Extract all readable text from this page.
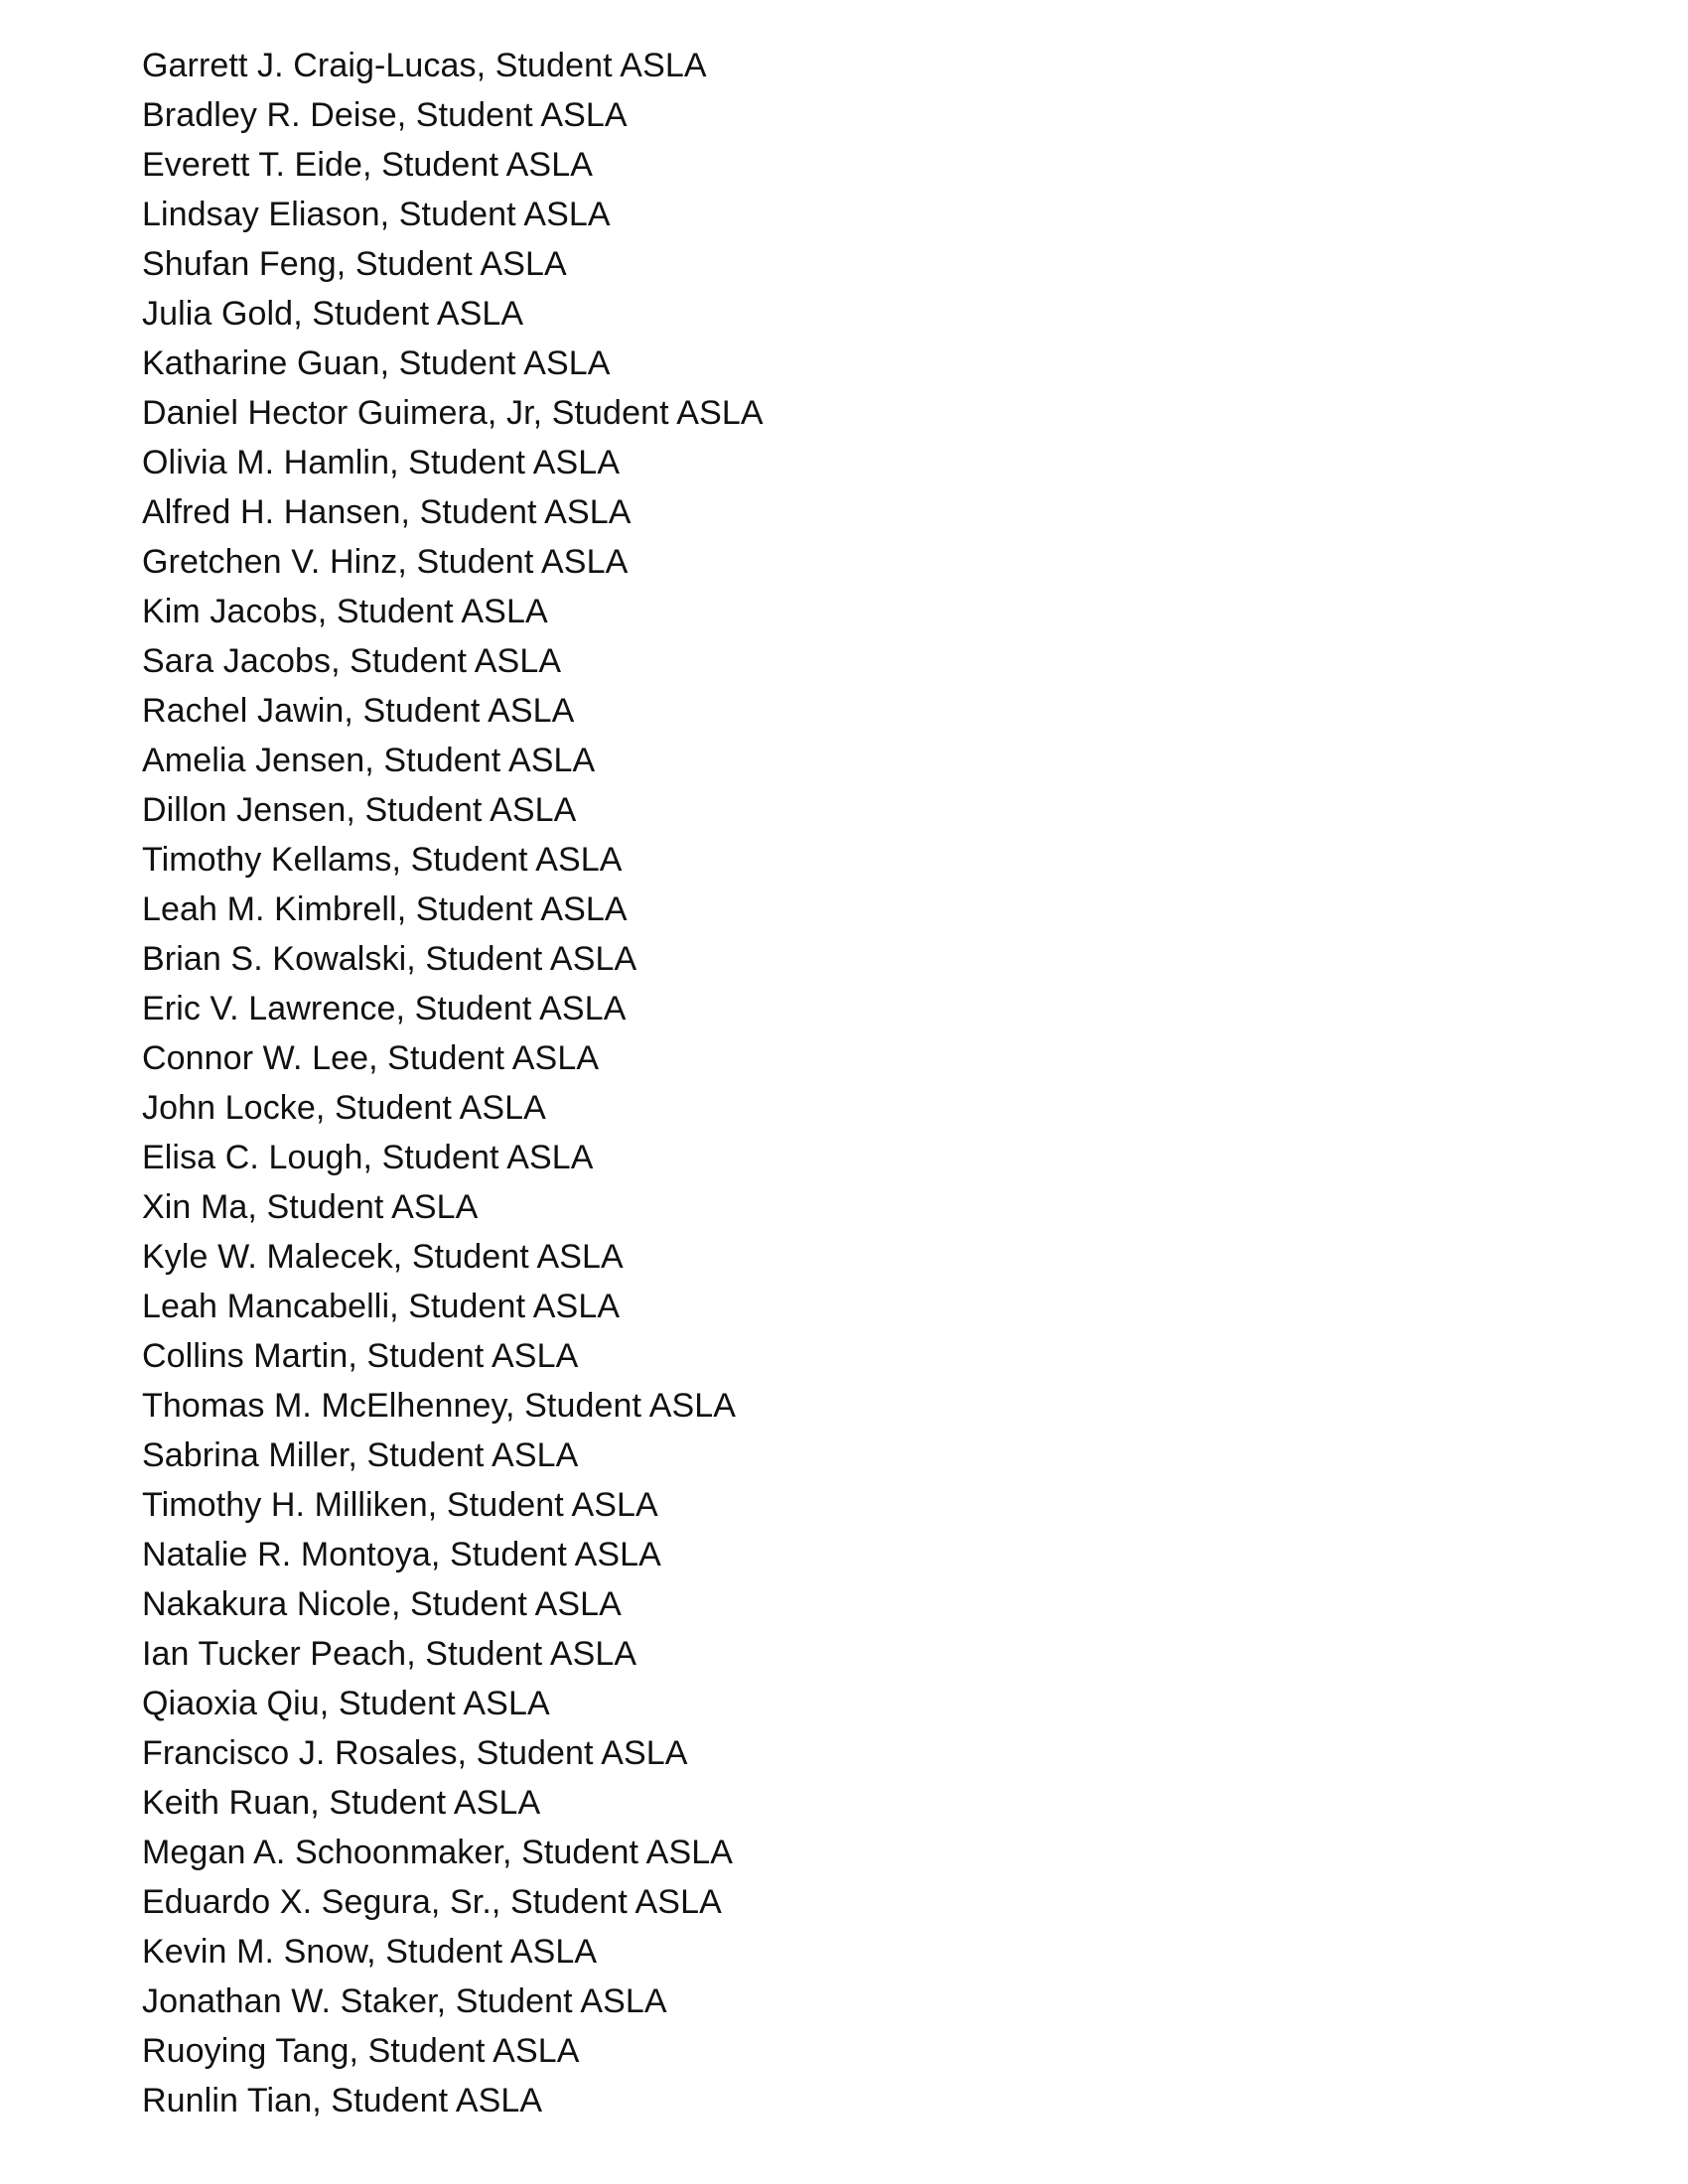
Garrett J. Craig-Lucas, Student ASLA
Bradley R. Deise, Student ASLA
Everett T. Eide, Student ASLA
Lindsay Eliason, Student ASLA
Shufan Feng, Student ASLA
Julia Gold, Student ASLA
Katharine Guan, Student ASLA
Daniel Hector Guimera, Jr, Student ASLA
Olivia M. Hamlin, Student ASLA
Alfred H. Hansen, Student ASLA
Gretchen V. Hinz, Student ASLA
Kim Jacobs, Student ASLA
Sara Jacobs, Student ASLA
Rachel Jawin, Student ASLA
Amelia Jensen, Student ASLA
Dillon Jensen, Student ASLA
Timothy Kellams, Student ASLA
Leah M. Kimbrell, Student ASLA
Brian S. Kowalski, Student ASLA
Eric V. Lawrence, Student ASLA
Connor W. Lee, Student ASLA
John Locke, Student ASLA
Elisa C. Lough, Student ASLA
Xin Ma, Student ASLA
Kyle W. Malecek, Student ASLA
Leah Mancabelli, Student ASLA
Collins Martin, Student ASLA
Thomas M. McElhenney, Student ASLA
Sabrina Miller, Student ASLA
Timothy H. Milliken, Student ASLA
Natalie R. Montoya, Student ASLA
Nakakura Nicole, Student ASLA
Ian Tucker Peach, Student ASLA
Qiaoxia Qiu, Student ASLA
Francisco J. Rosales, Student ASLA
Keith Ruan, Student ASLA
Megan A. Schoonmaker, Student ASLA
Eduardo X. Segura, Sr., Student ASLA
Kevin M. Snow, Student ASLA
Jonathan W. Staker, Student ASLA
Ruoying Tang, Student ASLA
Runlin Tian, Student ASLA
